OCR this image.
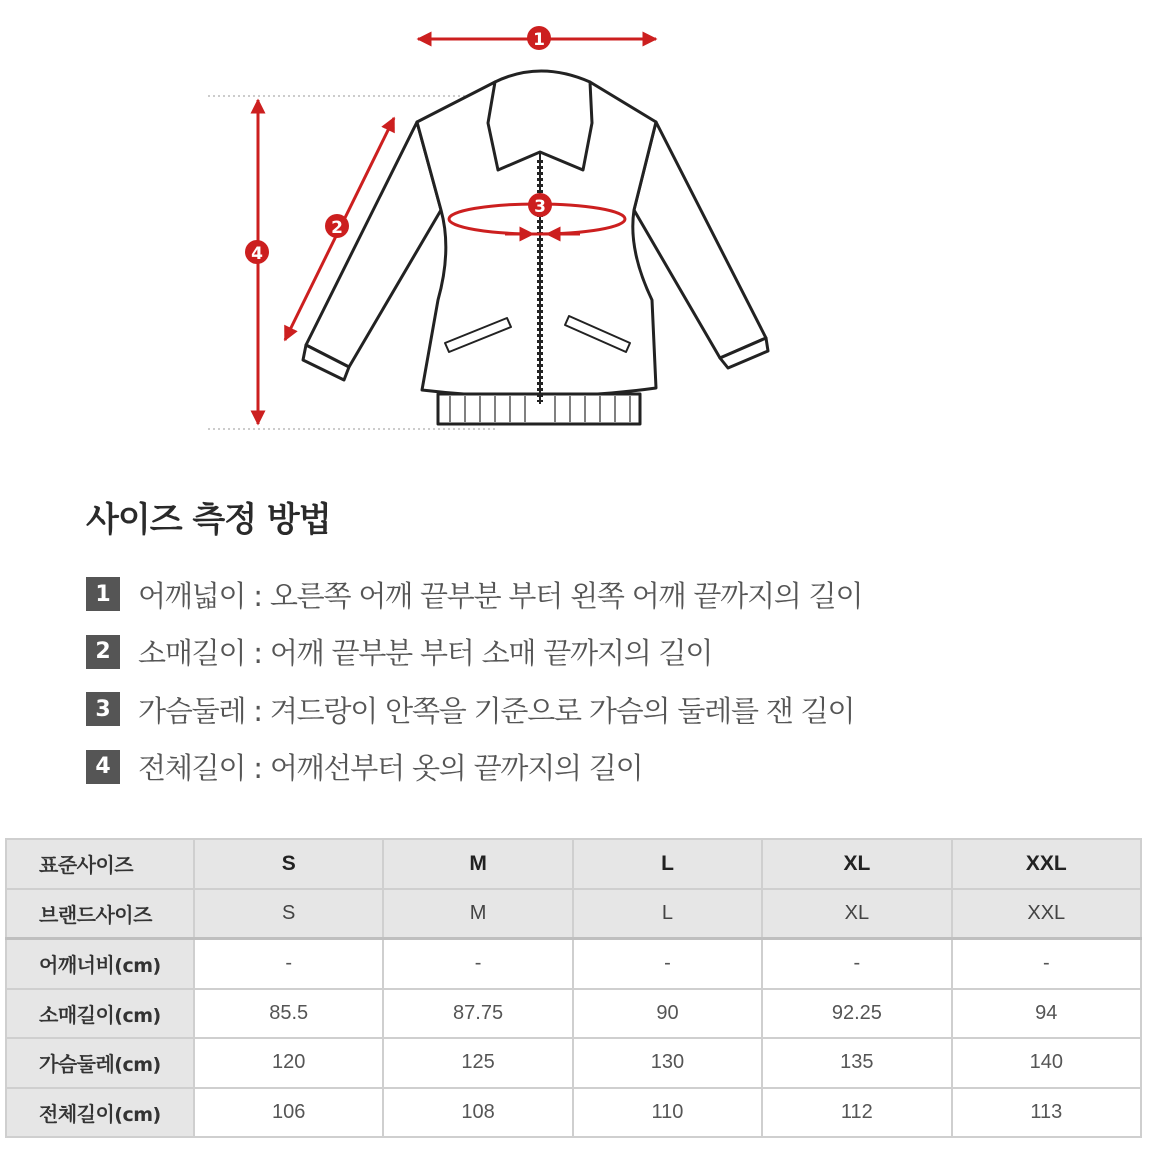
1
2
3
4
사이즈 측정 방법
1 어깨넓이 : 오른쪽 어깨 끝부분 부터 왼쪽 어깨 끝까지의 길이
2 소매길이 : 어깨 끝부분 부터 소매 끝까지의 길이
3 가슴둘레 : 겨드랑이 안쪽을 기준으로 가슴의 둘레를 잰 길이
4 전체길이 : 어깨선부터 옷의 끝까지의 길이
표준사이즈	S	M	L	XL	XXL
브랜드사이즈	S	M	L	XL	XXL
어깨너비(cm)	-	-	-	-	-
소매길이(cm)	85.5	87.75	90	92.25	94
가슴둘레(cm)	120	125	130	135	140
전체길이(cm)	106	108	110	112	113
